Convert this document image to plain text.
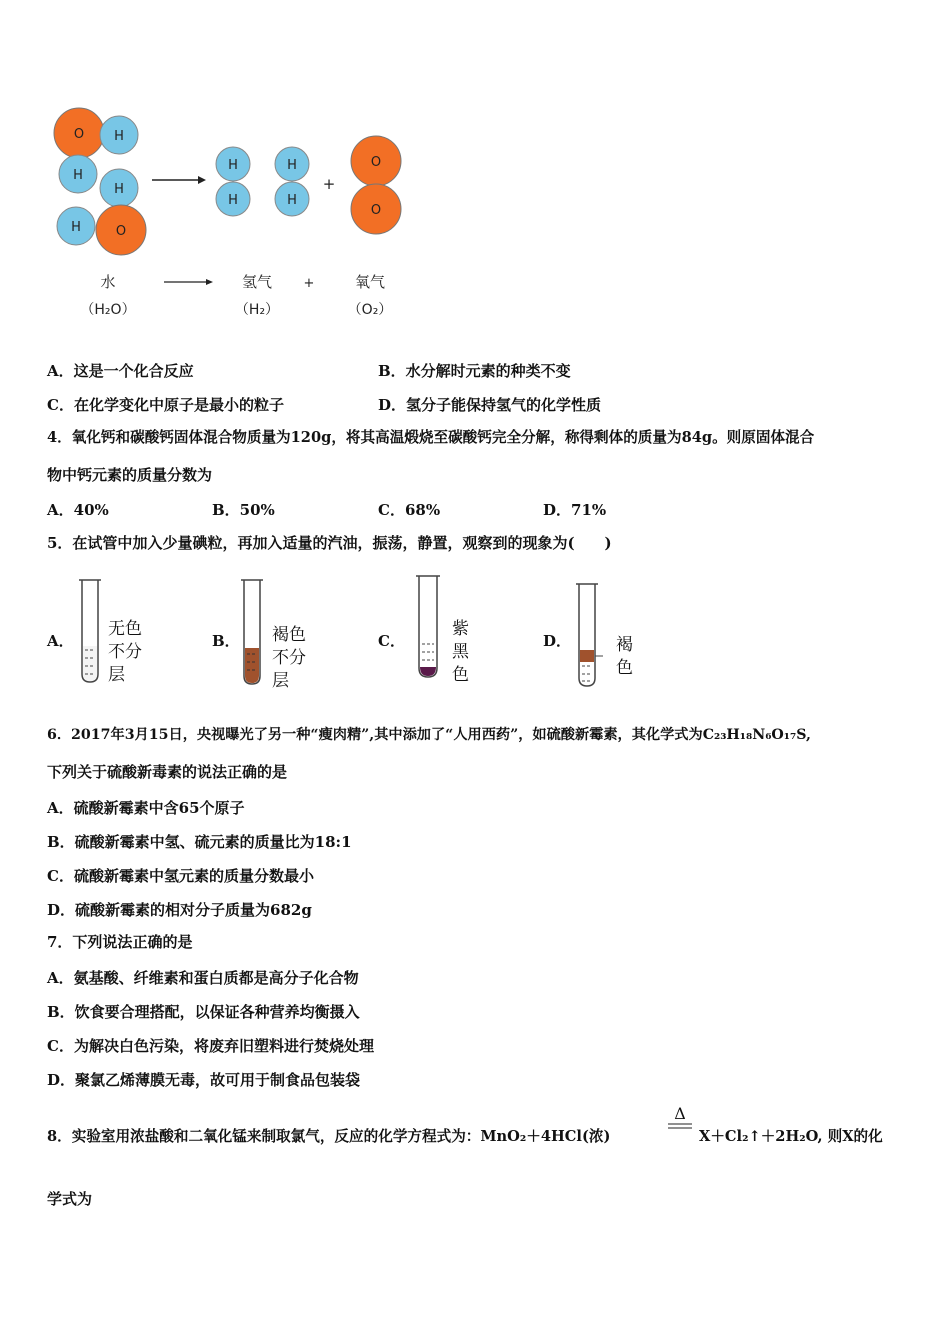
O H
H
H
H	O
H
H
H
H
+
O
O
水
（H₂O）
氢气
（H₂）
+	氧气
（O₂）
A．这是一个化合反应	B．水分解时元素的种类不变
C．在化学变化中原子是最小的粒子	D．氢分子能保持氢气的化学性质
4．氧化钙和碳酸钙固体混合物质量为120g，将其高温煅烧至碳酸钙完全分解，称得剩体的质量为84g。则原固体混合
物中钙元素的质量分数为
A．40%	B．50%	C．68%	D．71%
5．在试管中加入少量碘粒，再加入适量的汽油，振荡，静置，观察到的现象为(　　)
A．
无色
不分
层
B． 褐色
不分
层
C．
紫
黑
色
D．	褐
色
6．2017年3月15日，央视曝光了另一种“瘦肉精”,其中添加了“人用西药”，如硫酸新霉素，其化学式为C₂₃H₁₈N₆O₁₇S,
下列关于硫酸新毒素的说法正确的是
A．硫酸新霉素中含65个原子
B．硫酸新霉素中氢、硫元素的质量比为18:1
C．硫酸新霉素中氢元素的质量分数最小
D．硫酸新霉素的相对分子质量为682g
7．下列说法正确的是
A．氨基酸、纤维素和蛋白质都是高分子化合物
B．饮食要合理搭配，以保证各种营养均衡摄入
C．为解决白色污染，将废弃旧塑料进行焚烧处理
D．聚氯乙烯薄膜无毒，故可用于制食品包装袋
8．实验室用浓盐酸和二氧化锰来制取氯气，反应的化学方程式为：MnO₂＋4HCl(浓)
Δ
X＋Cl₂↑＋2H₂O, 则X的化
学式为
